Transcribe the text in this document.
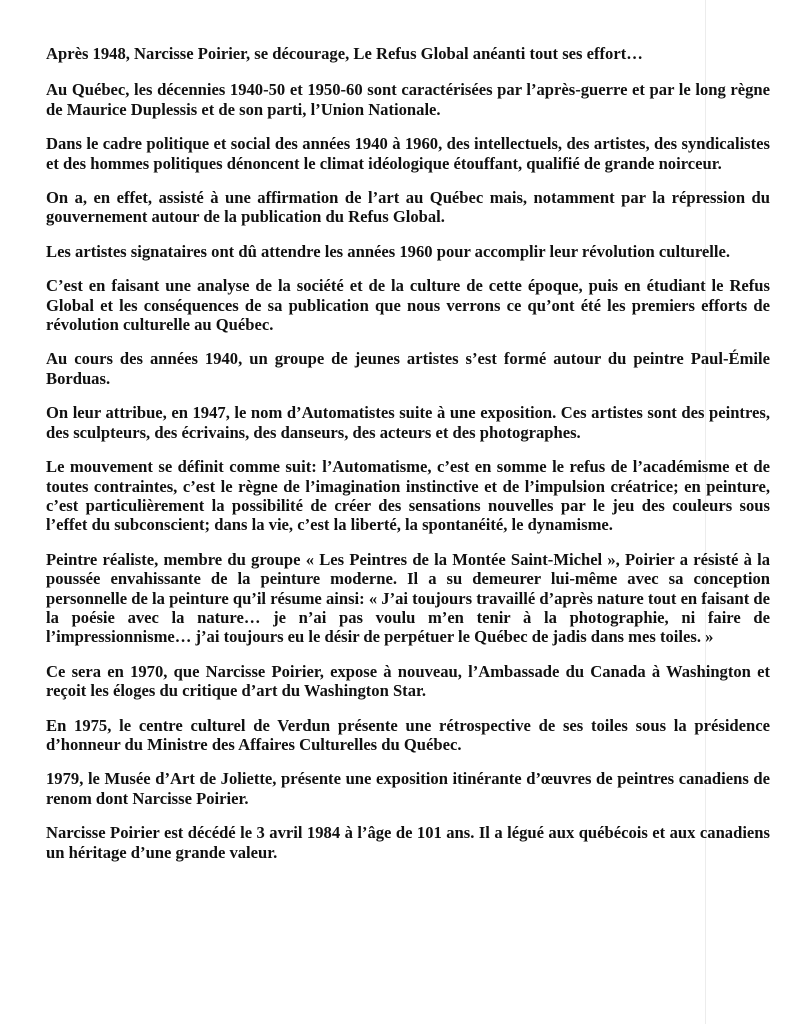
Après 1948, Narcisse Poirier, se décourage, Le Refus Global anéanti tout ses effort…

Au Québec, les décennies 1940-50 et 1950-60 sont caractérisées par l’après-guerre et par le long règne de Maurice Duplessis et de son parti, l’Union Nationale.

Dans le cadre politique et social des années 1940 à 1960, des intellectuels, des artistes, des syndicalistes et des hommes politiques dénoncent le climat idéologique étouffant, qualifié de grande noirceur.

On a, en effet, assisté à une affirmation de l’art au Québec mais, notamment par la répression du gouvernement autour de la publication du Refus Global.

Les artistes signataires ont dû attendre les années 1960 pour accomplir leur révolution culturelle.

C’est en faisant une analyse de la société et de la culture de cette époque, puis en étudiant le Refus Global et les conséquences de sa publication que nous verrons ce qu’ont été les premiers efforts de révolution culturelle au Québec.

Au cours des années 1940, un groupe de jeunes artistes s’est formé autour du peintre Paul-Émile Borduas.

On leur attribue, en 1947, le nom d’Automatistes suite à une exposition. Ces artistes sont des peintres, des sculpteurs, des écrivains, des danseurs, des acteurs et des photographes.

Le mouvement se définit comme suit: l’Automatisme, c’est en somme le refus de l’académisme et de toutes contraintes, c’est le règne de l’imagination instinctive et de l’impulsion créatrice; en peinture, c’est particulièrement la possibilité de créer des sensations nouvelles par le jeu des couleurs sous l’effet du subconscient; dans la vie, c’est la liberté, la spontanéité, le dynamisme.

Peintre réaliste, membre du groupe « Les Peintres de la Montée Saint-Michel », Poirier a résisté à la poussée envahissante de la peinture moderne. Il a su demeurer lui-même avec sa conception personnelle de la peinture qu’il résume ainsi: « J’ai toujours travaillé d’après nature tout en faisant de la poésie avec la nature… je n’ai pas voulu m’en tenir à la photographie, ni faire de l’impressionnisme… j’ai toujours eu le désir de perpétuer le Québec de jadis dans mes toiles. »

Ce sera en 1970, que Narcisse Poirier, expose à nouveau, l’Ambassade du Canada à Washington et reçoit les éloges du critique d’art du Washington Star.

En 1975, le centre culturel de Verdun présente une rétrospective de ses toiles sous la présidence d’honneur du Ministre des Affaires Culturelles du Québec.

1979, le Musée d’Art de Joliette, présente une exposition itinérante d’œuvres de peintres canadiens de renom dont Narcisse Poirier.

Narcisse Poirier est décédé le 3 avril 1984 à l’âge de 101 ans. Il a légué aux québécois et aux canadiens un héritage d’une grande valeur.
